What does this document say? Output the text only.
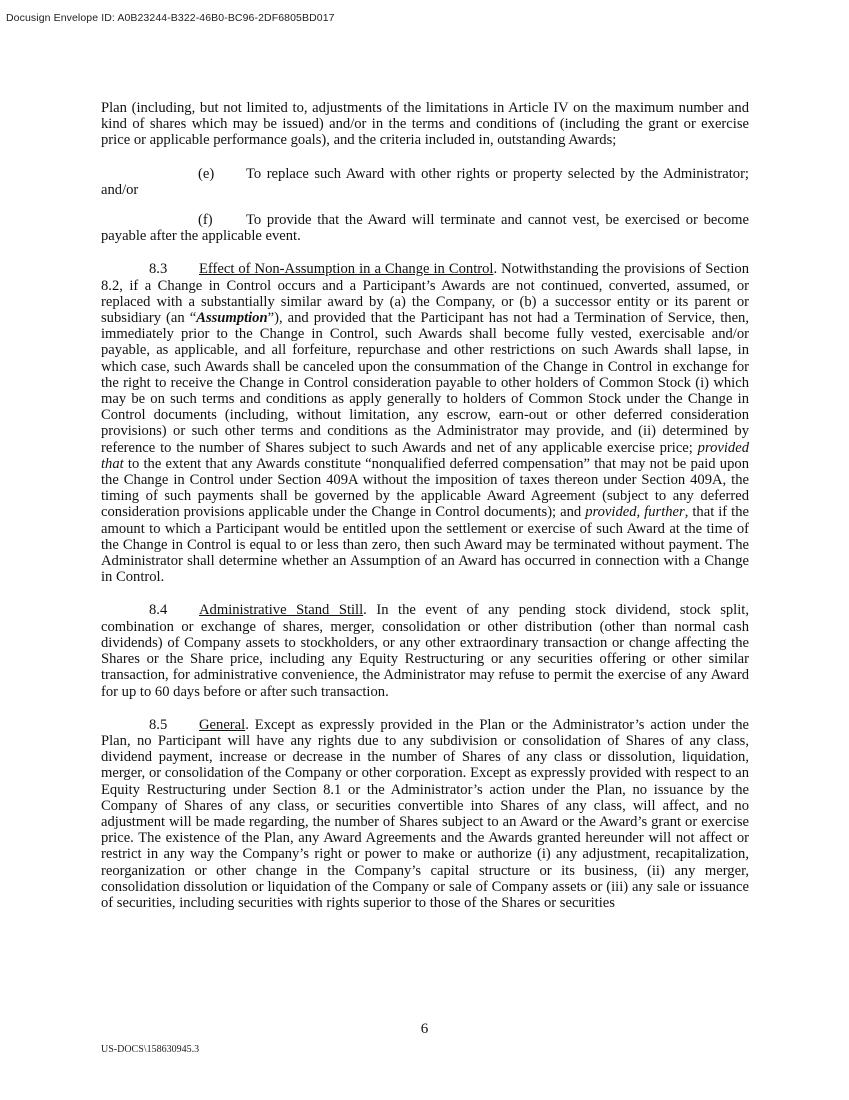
Docusign Envelope ID: A0B23244-B322-46B0-BC96-2DF6805BD017

Plan (including, but not limited to, adjustments of the limitations in Article IV on the maximum number and kind of shares which may be issued) and/or in the terms and conditions of (including the grant or exercise price or applicable performance goals), and the criteria included in, outstanding Awards;

(e) To replace such Award with other rights or property selected by the Administrator; and/or

(f) To provide that the Award will terminate and cannot vest, be exercised or become payable after the applicable event.

8.3 Effect of Non-Assumption in a Change in Control. Notwithstanding the provisions of Section 8.2, if a Change in Control occurs and a Participant’s Awards are not continued, converted, assumed, or replaced with a substantially similar award by (a) the Company, or (b) a successor entity or its parent or subsidiary (an “Assumption”), and provided that the Participant has not had a Termination of Service, then, immediately prior to the Change in Control, such Awards shall become fully vested, exercisable and/or payable, as applicable, and all forfeiture, repurchase and other restrictions on such Awards shall lapse, in which case, such Awards shall be canceled upon the consummation of the Change in Control in exchange for the right to receive the Change in Control consideration payable to other holders of Common Stock (i) which may be on such terms and conditions as apply generally to holders of Common Stock under the Change in Control documents (including, without limitation, any escrow, earn-out or other deferred consideration provisions) or such other terms and conditions as the Administrator may provide, and (ii) determined by reference to the number of Shares subject to such Awards and net of any applicable exercise price; provided that to the extent that any Awards constitute “nonqualified deferred compensation” that may not be paid upon the Change in Control under Section 409A without the imposition of taxes thereon under Section 409A, the timing of such payments shall be governed by the applicable Award Agreement (subject to any deferred consideration provisions applicable under the Change in Control documents); and provided, further, that if the amount to which a Participant would be entitled upon the settlement or exercise of such Award at the time of the Change in Control is equal to or less than zero, then such Award may be terminated without payment. The Administrator shall determine whether an Assumption of an Award has occurred in connection with a Change in Control.

8.4 Administrative Stand Still. In the event of any pending stock dividend, stock split, combination or exchange of shares, merger, consolidation or other distribution (other than normal cash dividends) of Company assets to stockholders, or any other extraordinary transaction or change affecting the Shares or the Share price, including any Equity Restructuring or any securities offering or other similar transaction, for administrative convenience, the Administrator may refuse to permit the exercise of any Award for up to 60 days before or after such transaction.

8.5 General. Except as expressly provided in the Plan or the Administrator’s action under the Plan, no Participant will have any rights due to any subdivision or consolidation of Shares of any class, dividend payment, increase or decrease in the number of Shares of any class or dissolution, liquidation, merger, or consolidation of the Company or other corporation. Except as expressly provided with respect to an Equity Restructuring under Section 8.1 or the Administrator’s action under the Plan, no issuance by the Company of Shares of any class, or securities convertible into Shares of any class, will affect, and no adjustment will be made regarding, the number of Shares subject to an Award or the Award’s grant or exercise price. The existence of the Plan, any Award Agreements and the Awards granted hereunder will not affect or restrict in any way the Company’s right or power to make or authorize (i) any adjustment, recapitalization, reorganization or other change in the Company’s capital structure or its business, (ii) any merger, consolidation dissolution or liquidation of the Company or sale of Company assets or (iii) any sale or issuance of securities, including securities with rights superior to those of the Shares or securities

6
US-DOCS\158630945.3
